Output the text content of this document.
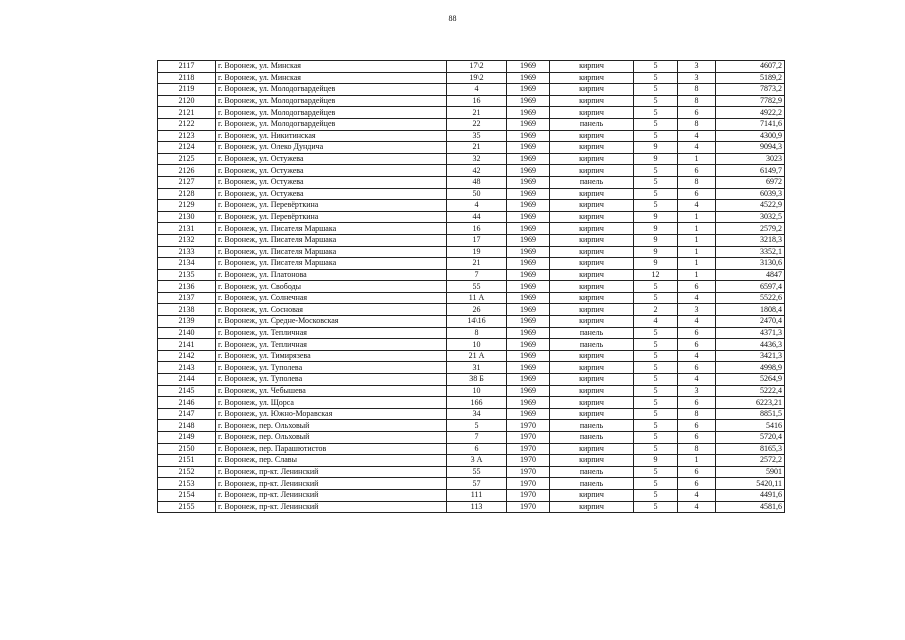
88
2117	г. Воронеж, ул. Минская	17\2	1969	кирпич	5	3	4607,2
2118	г. Воронеж, ул. Минская	19\2	1969	кирпич	5	3	5189,2
2119	г. Воронеж, ул. Молодогвардейцев	4	1969	кирпич	5	8	7873,2
2120	г. Воронеж, ул. Молодогвардейцев	16	1969	кирпич	5	8	7782,9
2121	г. Воронеж, ул. Молодогвардейцев	21	1969	кирпич	5	6	4922,2
2122	г. Воронеж, ул. Молодогвардейцев	22	1969	панель	5	8	7141,6
2123	г. Воронеж, ул. Никитинская	35	1969	кирпич	5	4	4300,9
2124	г. Воронеж, ул. Олеко Дундича	21	1969	кирпич	9	4	9094,3
2125	г. Воронеж, ул. Остужева	32	1969	кирпич	9	1	3023
2126	г. Воронеж, ул. Остужева	42	1969	кирпич	5	6	6149,7
2127	г. Воронеж, ул. Остужева	48	1969	панель	5	8	6972
2128	г. Воронеж, ул. Остужева	50	1969	кирпич	5	6	6039,3
2129	г. Воронеж, ул. Перевёрткина	4	1969	кирпич	5	4	4522,9
2130	г. Воронеж, ул. Перевёрткина	44	1969	кирпич	9	1	3032,5
2131	г. Воронеж, ул. Писателя Маршака	16	1969	кирпич	9	1	2579,2
2132	г. Воронеж, ул. Писателя Маршака	17	1969	кирпич	9	1	3218,3
2133	г. Воронеж, ул. Писателя Маршака	19	1969	кирпич	9	1	3352,1
2134	г. Воронеж, ул. Писателя Маршака	21	1969	кирпич	9	1	3130,6
2135	г. Воронеж, ул. Платонова	7	1969	кирпич	12	1	4847
2136	г. Воронеж, ул. Свободы	55	1969	кирпич	5	6	6597,4
2137	г. Воронеж, ул. Солнечная	11 А	1969	кирпич	5	4	5522,6
2138	г. Воронеж, ул. Сосновая	26	1969	кирпич	2	3	1808,4
2139	г. Воронеж, ул. Средне-Московская	14\16	1969	кирпич	4	4	2470,4
2140	г. Воронеж, ул. Тепличная	8	1969	панель	5	6	4371,3
2141	г. Воронеж, ул. Тепличная	10	1969	панель	5	6	4436,3
2142	г. Воронеж, ул. Тимирязева	21 А	1969	кирпич	5	4	3421,3
2143	г. Воронеж, ул. Туполева	31	1969	кирпич	5	6	4998,9
2144	г. Воронеж, ул. Туполева	38 Б	1969	кирпич	5	4	5264,9
2145	г. Воронеж, ул. Чебышева	10	1969	кирпич	5	3	5222,4
2146	г. Воронеж, ул. Щорса	166	1969	кирпич	5	6	6223,21
2147	г. Воронеж, ул. Южно-Моравская	34	1969	кирпич	5	8	8851,5
2148	г. Воронеж, пер. Ольховый	5	1970	панель	5	6	5416
2149	г. Воронеж, пер. Ольховый	7	1970	панель	5	6	5720,4
2150	г. Воронеж, пер. Парашютистов	6	1970	кирпич	5	8	8165,3
2151	г. Воронеж, пер. Славы	3 А	1970	кирпич	9	1	2572,2
2152	г. Воронеж, пр-кт. Ленинский	55	1970	панель	5	6	5901
2153	г. Воронеж, пр-кт. Ленинский	57	1970	панель	5	6	5420,11
2154	г. Воронеж, пр-кт. Ленинский	111	1970	кирпич	5	4	4491,6
2155	г. Воронеж, пр-кт. Ленинский	113	1970	кирпич	5	4	4581,6
